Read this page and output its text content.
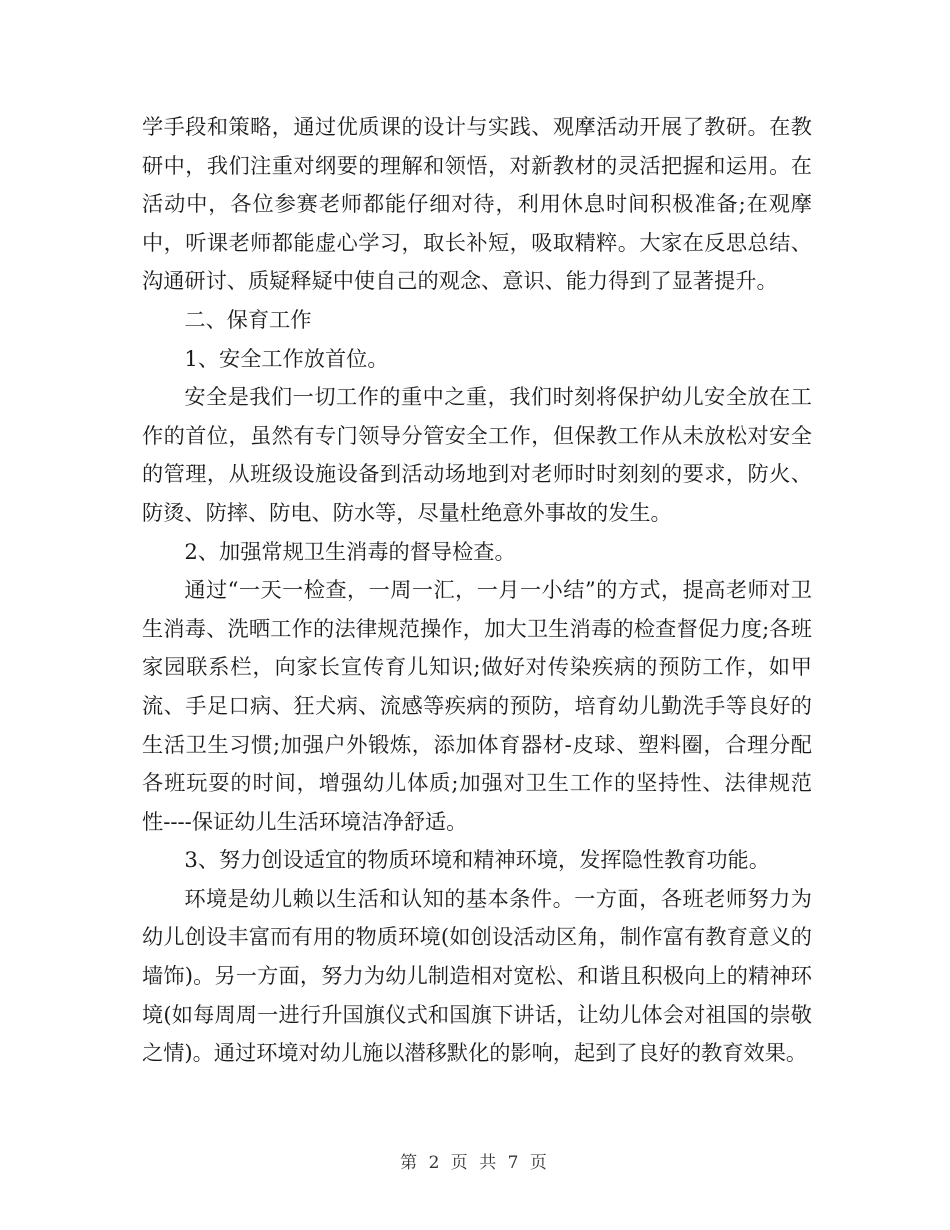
学手段和策略，通过优质课的设计与实践、观摩活动开展了教研。在教研中，我们注重对纲要的理解和领悟，对新教材的灵活把握和运用。在活动中，各位参赛老师都能仔细对待，利用休息时间积极准备;在观摩中，听课老师都能虚心学习，取长补短，吸取精粹。大家在反思总结、沟通研讨、质疑释疑中使自己的观念、意识、能力得到了显著提升。

二、保育工作

1、安全工作放首位。

安全是我们一切工作的重中之重，我们时刻将保护幼儿安全放在工作的首位，虽然有专门领导分管安全工作，但保教工作从未放松对安全的管理，从班级设施设备到活动场地到对老师时时刻刻的要求，防火、防烫、防摔、防电、防水等，尽量杜绝意外事故的发生。

2、加强常规卫生消毒的督导检查。

通过“一天一检查，一周一汇，一月一小结”的方式，提高老师对卫生消毒、洗晒工作的法律规范操作，加大卫生消毒的检查督促力度;各班家园联系栏，向家长宣传育儿知识;做好对传染疾病的预防工作，如甲流、手足口病、狂犬病、流感等疾病的预防，培育幼儿勤洗手等良好的生活卫生习惯;加强户外锻炼，添加体育器材-皮球、塑料圈，合理分配各班玩耍的时间，增强幼儿体质;加强对卫生工作的坚持性、法律规范性----保证幼儿生活环境洁净舒适。

3、努力创设适宜的物质环境和精神环境，发挥隐性教育功能。

环境是幼儿赖以生活和认知的基本条件。一方面，各班老师努力为幼儿创设丰富而有用的物质环境(如创设活动区角，制作富有教育意义的墙饰)。另一方面，努力为幼儿制造相对宽松、和谐且积极向上的精神环境(如每周周一进行升国旗仪式和国旗下讲话，让幼儿体会对祖国的崇敬之情)。通过环境对幼儿施以潜移默化的影响，起到了良好的教育效果。

第 2 页 共 7 页
